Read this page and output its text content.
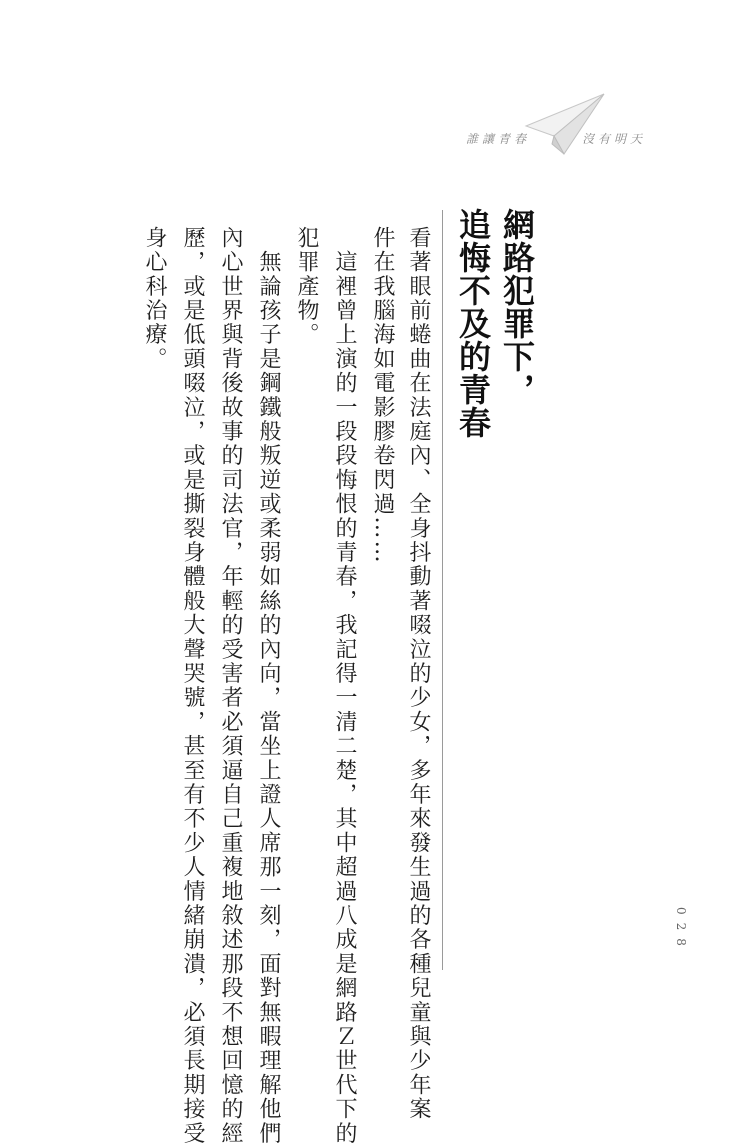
誰讓青春	沒有明天
網路犯罪下，
追悔不及的青春
看著眼前蜷曲在法庭內、全身抖動著啜泣的少女，多年來發生過的各種兒童與少年案
件在我腦海如電影膠卷閃過……
　這裡曾上演的一段段悔恨的青春，我記得一清二楚，其中超過八成是網路Ｚ世代下的
犯罪產物。
　無論孩子是鋼鐵般叛逆或柔弱如絲的內向，當坐上證人席那一刻，面對無暇理解他們
內心世界與背後故事的司法官，年輕的受害者必須逼自己重複地敘述那段不想回憶的經
歷，或是低頭啜泣，或是撕裂身體般大聲哭號，甚至有不少人情緒崩潰，必須長期接受
身心科治療。
028
